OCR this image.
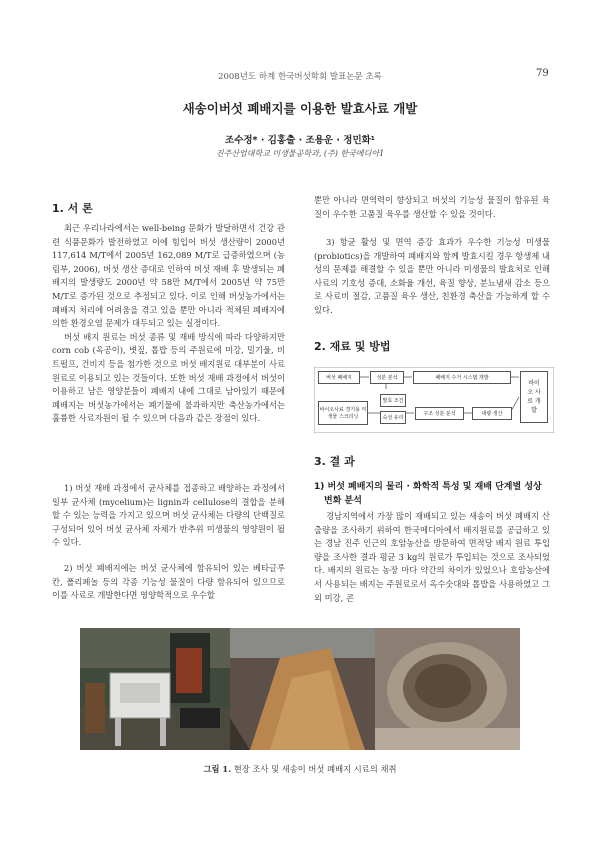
2008년도 하계 한국버섯학회 발표논문 초록	79
새송이버섯 폐배지를 이용한 발효사료 개발
조수정* · 김홍출 · 조용운 · 정민화¹
진주산업대학교 미생물공학과, (주) 한국메디아1
1. 서 론

최근 우리나라에서는 well-being 문화가 발달하면서 건강 관련 식품문화가 발전하였고 이에 힘입어 버섯 생산량이 2000년 117,614 M/T에서 2005년 162,089 M/T로 급증하였으며 (농림부, 2006), 버섯 생산 증대로 인하여 버섯 재배 후 발생되는 폐배지의 발생량도 2000년 약 58만 M/T에서 2005년 약 75만 M/T로 증가된 것으로 추정되고 있다. 이로 인해 버섯농가에서는 폐배지 처리에 어려움을 겪고 있을 뿐만 아니라 적체된 폐배지에 의한 환경오염 문제가 대두되고 있는 실정이다.

버섯 배지 원료는 버섯 종류 및 재배 방식에 따라 다양하지만 corn cob (옥공이), 볏짚, 톱밥 등의 주원료에 미강, 밀기울, 비트펄프, 건비지 등을 첨가한 것으로 버섯 배지원료 대부분이 사료 원료로 이용되고 있는 것들이다. 또한 버섯 재배 과정에서 버섯이 이용하고 남은 영양분들이 폐배지 내에 그대로 남아있기 때문에 폐배지는 버섯농가에서는 폐기물에 불과하지만 축산농가에서는 훌륭한 사료자원이 될 수 있으며 다음과 같은 장점이 있다.

1) 버섯 재배 과정에서 균사체를 접종하고 배양하는 과정에서 일부 균사체 (mycelium)는 lignin과 cellulose의 결합을 분해할 수 있는 능력을 가지고 있으며 버섯 균사체는 다량의 단백질로 구성되어 있어 버섯 균사체 자체가 반추위 미생물의 영양원이 될 수 있다.
2) 버섯 폐배지에는 버섯 균사체에 함유되어 있는 베타글루칸, 폴리페놀 등의 각종 기능성 물질이 다량 함유되어 있으므로 이를 사료로 개발한다면 영양학적으로 우수할
뿐만 아니라 면역력이 향상되고 버섯의 기능성 물질이 함유된 육질이 우수한 고품질 육우를 생산할 수 있을 것이다.
3) 항균 활성 및 면역 증강 효과가 우수한 기능성 미생물 (probiotics)을 개발하여 폐배지와 함께 발효시킬 경우 항생제 내성의 문제를 해결할 수 있을 뿐만 아니라 미생물의 발효처로 인해 사료의 기호성 증대, 소화율 개선, 육질 향상, 분뇨냄새 감소 등으로 사료비 절감, 고품질 육우 생산, 친환경 축산을 가능하게 할 수 있다.
2. 재료 및 방법
버섯 폐배지	성분 분석	폐배지 수거 시스템 개발
바이오사료 경기용 미생물 스크리닝
발효 조건
숙성 유리
구조 성분 분석	대량 생산
바이오 사료 개발
3. 결 과
1) 버섯 폐배지의 물리 · 화학적 특성 및 재배 단계별 성상변화 분석
경남지역에서 가장 많이 재배되고 있는 새송이 버섯 폐배지 산출량을 조사하기 위하여 한국메디아에서 배지원료를 공급하고 있는 경남 진주 인근의 호암농산을 방문하여 면적당 배지 원료 투입량을 조사한 결과 평균 3 kg의 원료가 투입되는 것으로 조사되었다. 배지의 원료는 농장 마다 약간의 차이가 있었으나 호암농산에서 사용되는 배지는 주원료로서 옥수숫대와 톱밥을 사용하였고 그 외 미강, 콘
그림 1. 현장 조사 및 새송이 버섯 폐배지 시료의 채취
